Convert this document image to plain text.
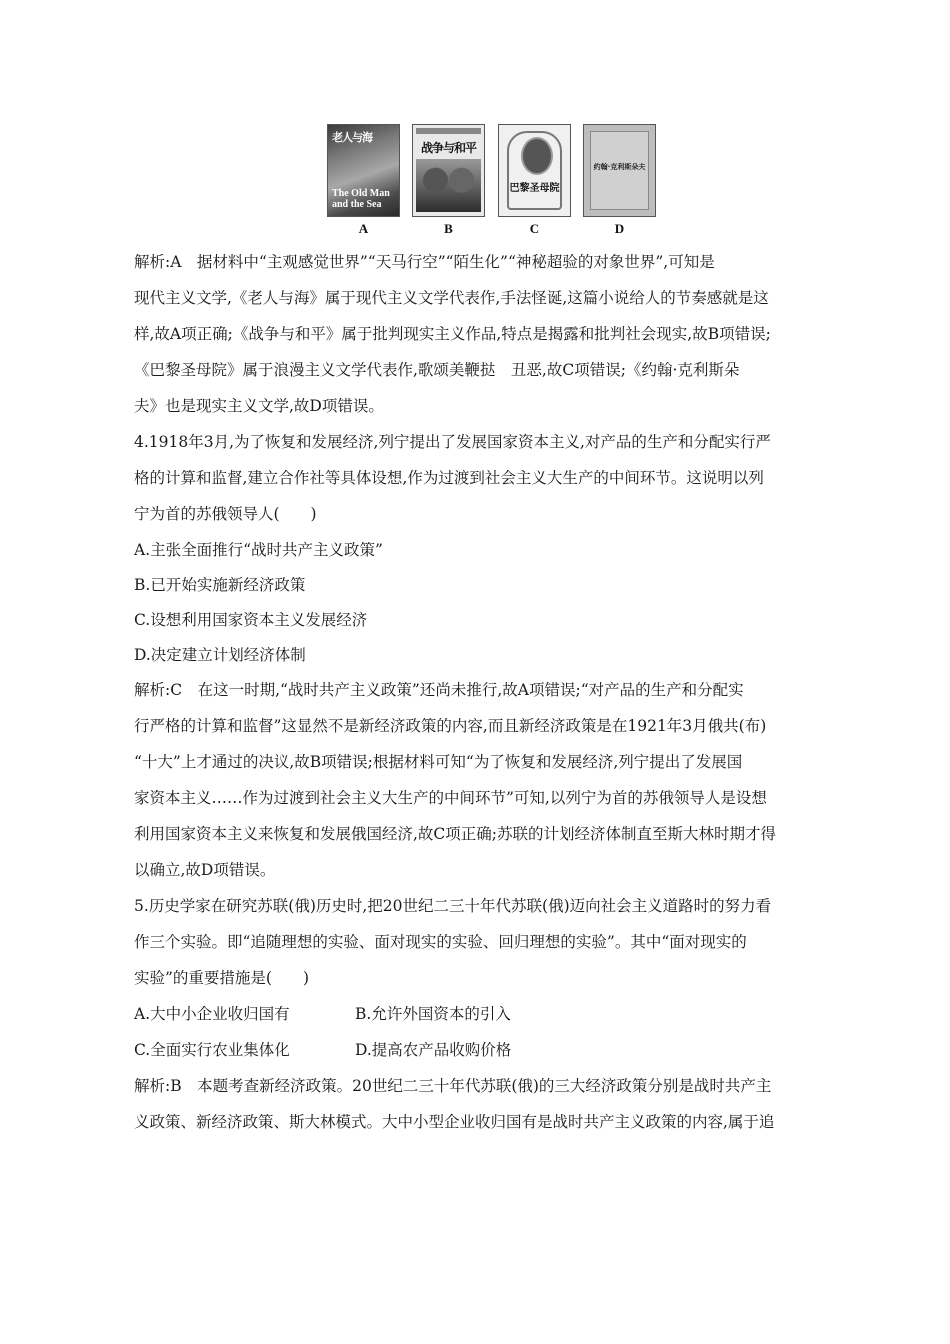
老人与海
The Old Man and the Sea
A
战争与和平
B
巴黎圣母院
C
约翰·克利斯朵夫
D
解析:A　据材料中“主观感觉世界”“天马行空”“陌生化”“神秘超验的对象世界”,可知是
现代主义文学,《老人与海》属于现代主义文学代表作,手法怪诞,这篇小说给人的节奏感就是这
样,故A项正确;《战争与和平》属于批判现实主义作品,特点是揭露和批判社会现实,故B项错误;
《巴黎圣母院》属于浪漫主义文学代表作,歌颂美鞭挞　丑恶,故C项错误;《约翰·克利斯朵
夫》也是现实主义文学,故D项错误。
4.1918年3月,为了恢复和发展经济,列宁提出了发展国家资本主义,对产品的生产和分配实行严
格的计算和监督,建立合作社等具体设想,作为过渡到社会主义大生产的中间环节。这说明以列
宁为首的苏俄领导人(　　)
A.主张全面推行“战时共产主义政策”
B.已开始实施新经济政策
C.设想利用国家资本主义发展经济
D.决定建立计划经济体制
解析:C　在这一时期,“战时共产主义政策”还尚未推行,故A项错误;“对产品的生产和分配实
行严格的计算和监督”这显然不是新经济政策的内容,而且新经济政策是在1921年3月俄共(布)
“十大”上才通过的决议,故B项错误;根据材料可知“为了恢复和发展经济,列宁提出了发展国
家资本主义……作为过渡到社会主义大生产的中间环节”可知,以列宁为首的苏俄领导人是设想
利用国家资本主义来恢复和发展俄国经济,故C项正确;苏联的计划经济体制直至斯大林时期才得
以确立,故D项错误。
5.历史学家在研究苏联(俄)历史时,把20世纪二三十年代苏联(俄)迈向社会主义道路时的努力看
作三个实验。即“追随理想的实验、面对现实的实验、回归理想的实验”。其中“面对现实的
实验”的重要措施是(　　)
A.大中小企业收归国有	B.允许外国资本的引入
C.全面实行农业集体化	D.提高农产品收购价格
解析:B　本题考查新经济政策。20世纪二三十年代苏联(俄)的三大经济政策分别是战时共产主
义政策、新经济政策、斯大林模式。大中小型企业收归国有是战时共产主义政策的内容,属于追
